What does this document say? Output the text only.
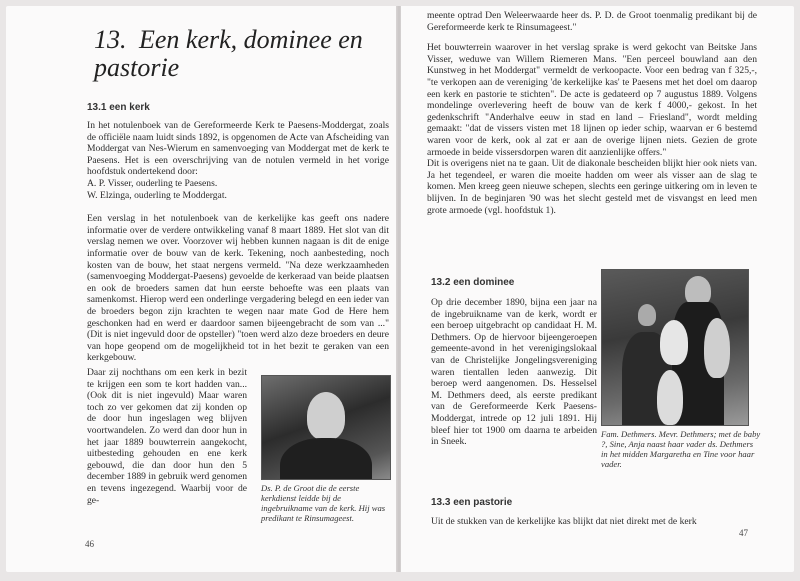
13. Een kerk, dominee en pastorie
13.1 een kerk

In het notulenboek van de Gereformeerde Kerk te Paesens-Moddergat, zoals de officiële naam luidt sinds 1892, is opgenomen de Acte van Afscheiding van Moddergat van Nes-Wierum en samenvoeging van Moddergat met de kerk te Paesens. Het is een overschrijving van de notulen vermeld in het vorige hoofdstuk ondertekend door:

A. P. Visser, ouderling te Paesens.
W. Elzinga, ouderling te Moddergat.

Een verslag in het notulenboek van de kerkelijke kas geeft ons nadere informatie over de verdere ontwikkeling vanaf 8 maart 1889. Het slot van dit verslag nemen we over. Voorzover wij hebben kunnen nagaan is dit de enige informatie over de bouw van de kerk. Tekening, noch aanbesteding, noch kosten van de bouw, het staat nergens vermeld. "Na deze werkzaamheden (samenvoeging Moddergat-Paesens) gevoelde de kerkeraad van beide plaatsen en ook de broeders samen dat hun eerste behoefte was een plaats van samenkomst. Hierop werd een onderlinge vergadering belegd en een ieder van de broeders begon zijn krachten te wegen naar mate God de Here hem geschonken had en werd er daardoor samen bijeengebracht de som van ..." (Dit is niet ingevuld door de opsteller) "toen werd alzo deze broeders en deure van hope geopend om de mogelijkheid tot in het bezit te geraken van een kerkgebouw.

Daar zij nochthans om een kerk in bezit te krijgen een som te kort hadden van... (Ook dit is niet ingevuld) Maar waren toch zo ver gekomen dat zij konden op de door hun ingeslagen weg blijven voortwandelen. Zo werd dan door hun in het jaar 1889 bouwterrein aangekocht, uitbesteding gehouden en ene kerk gebouwd, die dan door hun den 5 december 1889 in gebruik werd genomen en tevens ingezegend. Waarbij voor de ge-

Ds. P. de Groot die de eerste kerkdienst leidde bij de ingebruikname van de kerk. Hij was predikant te Rinsumageest.
46

meente optrad Den Weleerwaarde heer ds. P. D. de Groot toenmalig predikant bij de Gereformeerde kerk te Rinsumageest."

Het bouwterrein waarover in het verslag sprake is werd gekocht van Beitske Jans Visser, weduwe van Willem Riemeren Mans. "Een perceel bouwland aan den Kunstweg in het Moddergat" vermeldt de verkoopacte. Voor een bedrag van f 325,-, "te verkopen aan de vereniging 'de kerkelijke kas' te Paesens met het doel om daarop een kerk en pastorie te stichten". De acte is gedateerd op 7 augustus 1889. Volgens mondelinge overlevering heeft de bouw van de kerk f 4000,- gekost. In het gedenkschrift "Anderhalve eeuw in stad en land – Friesland", wordt melding gemaakt: "dat de vissers visten met 18 lijnen op ieder schip, waarvan er 6 bestemd waren voor de kerk, ook al zat er aan de overige lijnen niets. Gezien de grote armoede in beide vissersdorpen waren dit aanzienlijke offers."

Dit is overigens niet na te gaan. Uit de diakonale bescheiden blijkt hier ook niets van. Ja het tegendeel, er waren die moeite hadden om weer als visser aan de slag te komen. Men kreeg geen nieuwe schepen, slechts een geringe uitkering om in leven te blijven. In de beginjaren '90 was het slecht gesteld met de visvangst en leed men grote armoede (vgl. hoofdstuk 1).

13.2 een dominee

Op drie december 1890, bijna een jaar na de ingebruikname van de kerk, wordt er een beroep uitgebracht op candidaat H. M. Dethmers. Op de hiervoor bijeengeroepen gemeente-avond in het verenigingslokaal van de Christelijke Jongelingsvereniging waren tientallen leden aanwezig. Dit beroep werd aangenomen. Ds. Hesselsel M. Dethmers deed, als eerste predikant van de Gereformeerde Kerk Paesens-Moddergat, intrede op 12 juli 1891. Hij bleef hier tot 1900 om daarna te arbeiden in Sneek.

Fam. Dethmers. Mevr. Dethmers; met de baby ?, Sine, Anja naast haar vader ds. Dethmers in het midden Margaretha en Tine voor haar vader.
13.3 een pastorie

Uit de stukken van de kerkelijke kas blijkt dat niet direkt met de kerk

47
